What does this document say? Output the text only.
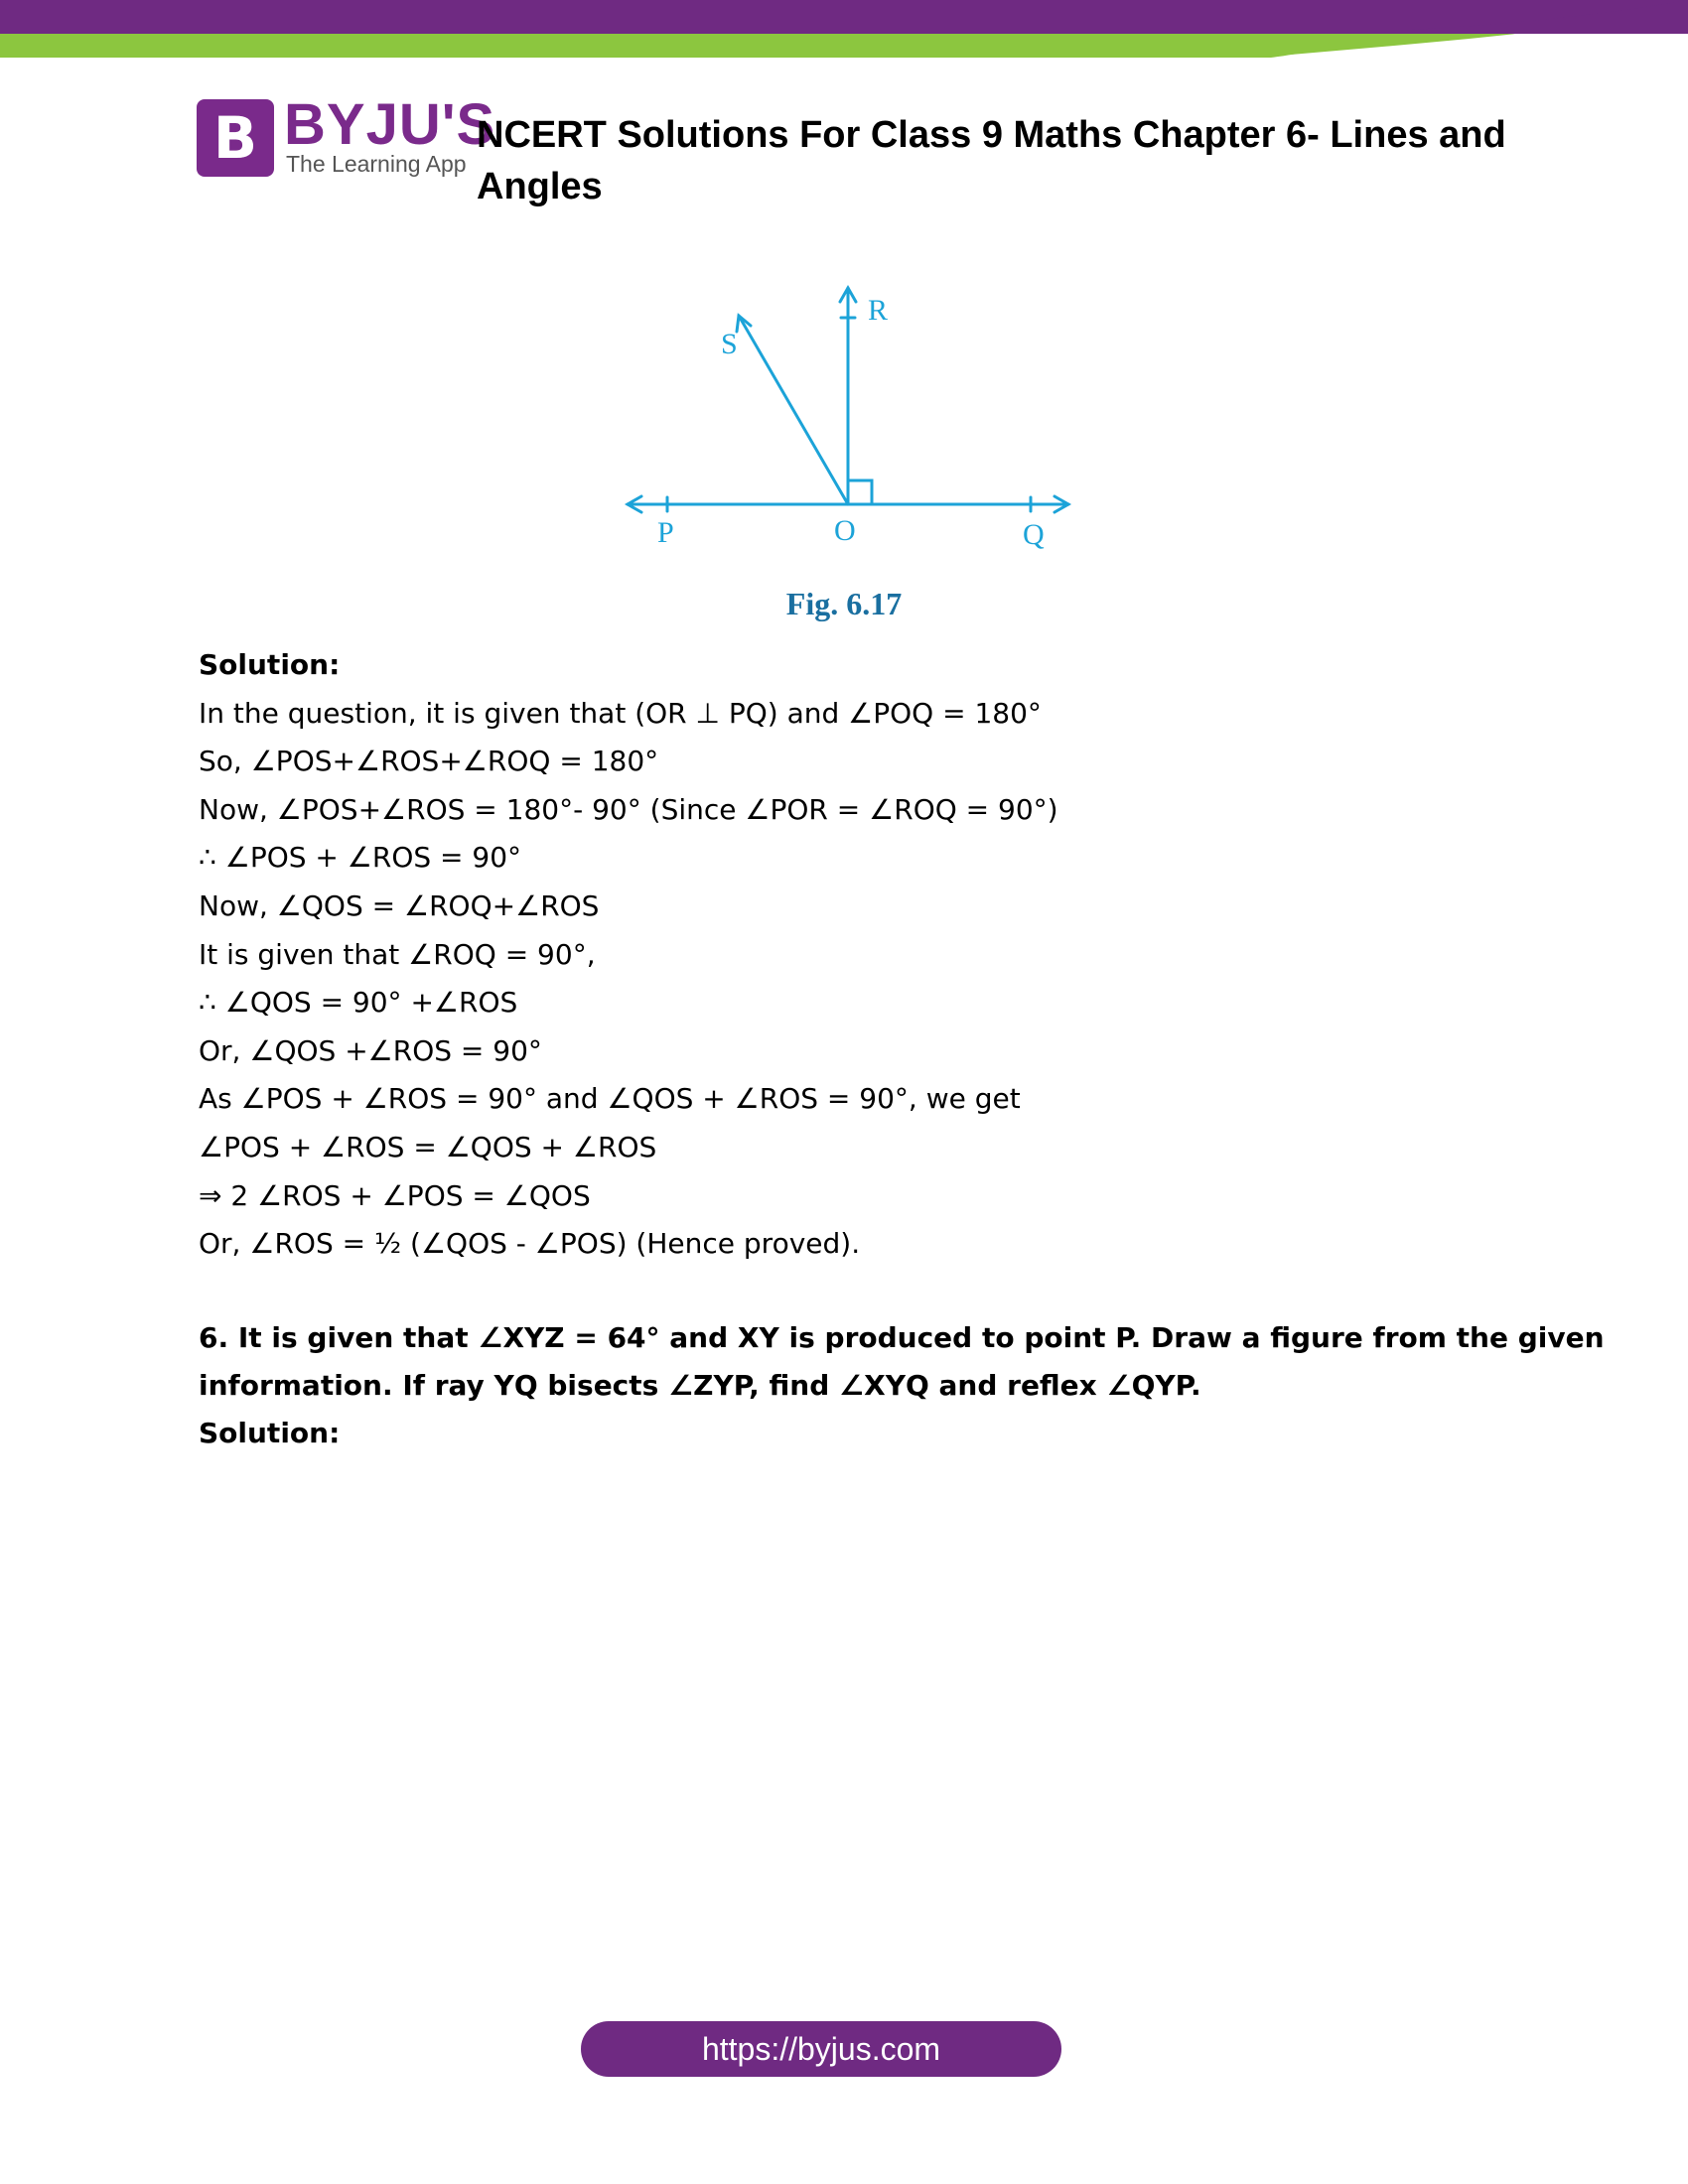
B BYJU'S
The Learning App
NCERT Solutions For Class 9 Maths Chapter 6- Lines and Angles
S
R
P	O	Q
Fig. 6.17
Solution:
In the question, it is given that (OR ⊥ PQ) and ∠POQ = 180°
So, ∠POS+∠ROS+∠ROQ = 180°
Now, ∠POS+∠ROS = 180°- 90° (Since ∠POR = ∠ROQ = 90°)
∴ ∠POS + ∠ROS = 90°
Now, ∠QOS = ∠ROQ+∠ROS
It is given that ∠ROQ = 90°,
∴ ∠QOS = 90° +∠ROS
Or, ∠QOS +∠ROS = 90°
As ∠POS + ∠ROS = 90° and ∠QOS + ∠ROS = 90°, we get
∠POS + ∠ROS = ∠QOS + ∠ROS
⇒ 2 ∠ROS + ∠POS = ∠QOS
Or, ∠ROS = ½ (∠QOS - ∠POS) (Hence proved).
6. It is given that ∠XYZ = 64° and XY is produced to point P. Draw a figure from the given
information. If ray YQ bisects ∠ZYP, find ∠XYQ and reflex ∠QYP.
Solution:
https://byjus.com
